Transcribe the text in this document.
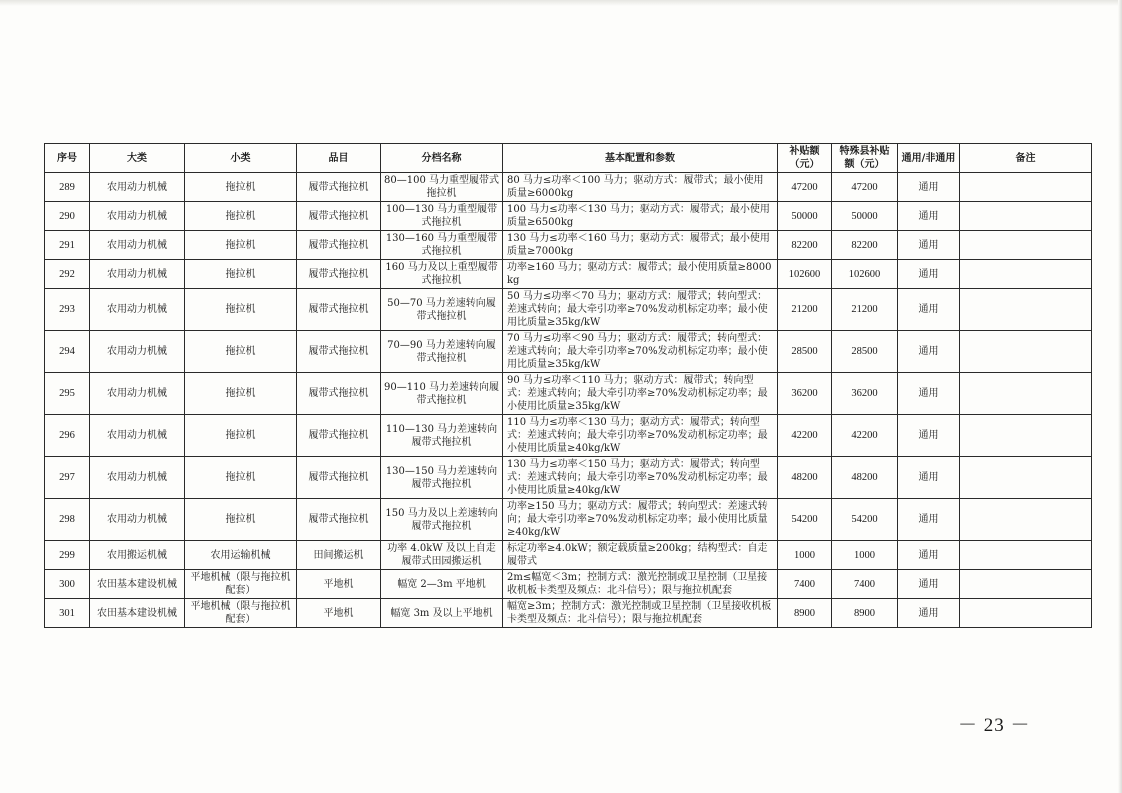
序号	大类	小类	品目	分档名称	基本配置和参数	补贴额（元）	特殊县补贴额（元）	通用/非通用	备注
289	农用动力机械	拖拉机	履带式拖拉机	80—100 马力重型履带式拖拉机	80 马力≤功率＜100 马力；驱动方式：履带式；最小使用质量≥6000kg	47200	47200	通用	
290	农用动力机械	拖拉机	履带式拖拉机	100—130 马力重型履带式拖拉机	100 马力≤功率＜130 马力；驱动方式：履带式；最小使用质量≥6500kg	50000	50000	通用	
291	农用动力机械	拖拉机	履带式拖拉机	130—160 马力重型履带式拖拉机	130 马力≤功率＜160 马力；驱动方式：履带式；最小使用质量≥7000kg	82200	82200	通用	
292	农用动力机械	拖拉机	履带式拖拉机	160 马力及以上重型履带式拖拉机	功率≥160 马力；驱动方式：履带式；最小使用质量≥8000kg	102600	102600	通用	
293	农用动力机械	拖拉机	履带式拖拉机	50—70 马力差速转向履带式拖拉机	50 马力≤功率＜70 马力；驱动方式：履带式；转向型式：差速式转向；最大牵引功率≥70%发动机标定功率；最小使用比质量≥35kg/kW	21200	21200	通用	
294	农用动力机械	拖拉机	履带式拖拉机	70—90 马力差速转向履带式拖拉机	70 马力≤功率＜90 马力；驱动方式：履带式；转向型式：差速式转向；最大牵引功率≥70%发动机标定功率；最小使用比质量≥35kg/kW	28500	28500	通用	
295	农用动力机械	拖拉机	履带式拖拉机	90—110 马力差速转向履带式拖拉机	90 马力≤功率＜110 马力；驱动方式：履带式；转向型式：差速式转向；最大牵引功率≥70%发动机标定功率；最小使用比质量≥35kg/kW	36200	36200	通用	
296	农用动力机械	拖拉机	履带式拖拉机	110—130 马力差速转向履带式拖拉机	110 马力≤功率＜130 马力；驱动方式：履带式；转向型式：差速式转向；最大牵引功率≥70%发动机标定功率；最小使用比质量≥40kg/kW	42200	42200	通用	
297	农用动力机械	拖拉机	履带式拖拉机	130—150 马力差速转向履带式拖拉机	130 马力≤功率＜150 马力；驱动方式：履带式；转向型式：差速式转向；最大牵引功率≥70%发动机标定功率；最小使用比质量≥40kg/kW	48200	48200	通用	
298	农用动力机械	拖拉机	履带式拖拉机	150 马力及以上差速转向履带式拖拉机	功率≥150 马力；驱动方式：履带式；转向型式：差速式转向；最大牵引功率≥70%发动机标定功率；最小使用比质量≥40kg/kW	54200	54200	通用	
299	农用搬运机械	农用运输机械	田间搬运机	功率 4.0kW 及以上自走履带式田园搬运机	标定功率≥4.0kW；额定载质量≥200kg；结构型式：自走履带式	1000	1000	通用	
300	农田基本建设机械	平地机械（限与拖拉机配套）	平地机	幅宽 2—3m 平地机	2m≤幅宽＜3m；控制方式：激光控制或卫星控制（卫星接收机板卡类型及频点：北斗信号）；限与拖拉机配套	7400	7400	通用	
301	农田基本建设机械	平地机械（限与拖拉机配套）	平地机	幅宽 3m 及以上平地机	幅宽≥3m；控制方式：激光控制或卫星控制（卫星接收机板卡类型及频点：北斗信号）；限与拖拉机配套	8900	8900	通用	
－ 23 －
